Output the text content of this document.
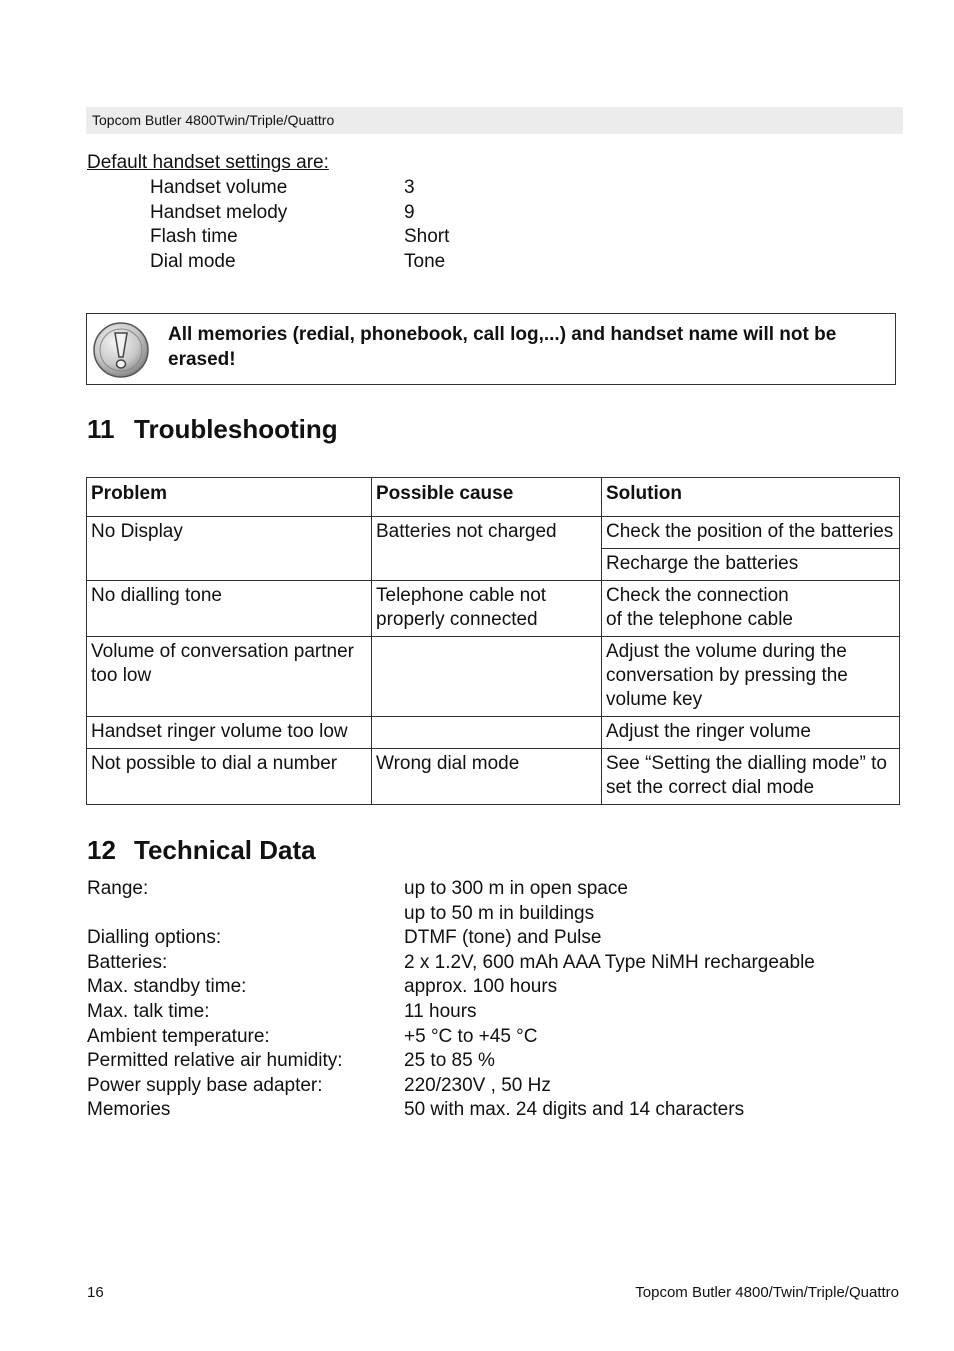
Topcom Butler 4800Twin/Triple/Quattro
Default handset settings are:
Handset volume	3
Handset melody	9
Flash time	Short
Dial mode	Tone
All memories (redial, phonebook, call log,...) and handset name will not be erased!
11 Troubleshooting
Problem	Possible cause	Solution
No Display	Batteries not charged	Check the position of the batteries
		Recharge the batteries
No dialling tone	Telephone cable not properly connected	Check the connection
of the telephone cable
Volume of conversation partner too low		Adjust the volume during the conversation by pressing the volume key
Handset ringer volume too low		Adjust the ringer volume
Not possible to dial a number	Wrong dial mode	See “Setting the dialling mode” to set the correct dial mode
12 Technical Data
Range:	up to 300 m in open space
up to 50 m in buildings
Dialling options:	DTMF (tone) and Pulse
Batteries:	2 x 1.2V, 600 mAh AAA Type NiMH rechargeable
Max. standby time:	approx. 100 hours
Max. talk time:	11 hours
Ambient temperature:	+5 °C to +45 °C
Permitted relative air humidity:	25 to 85 %
Power supply base adapter:	220/230V , 50 Hz
Memories	50 with max. 24 digits and 14 characters
16	Topcom Butler 4800/Twin/Triple/Quattro
